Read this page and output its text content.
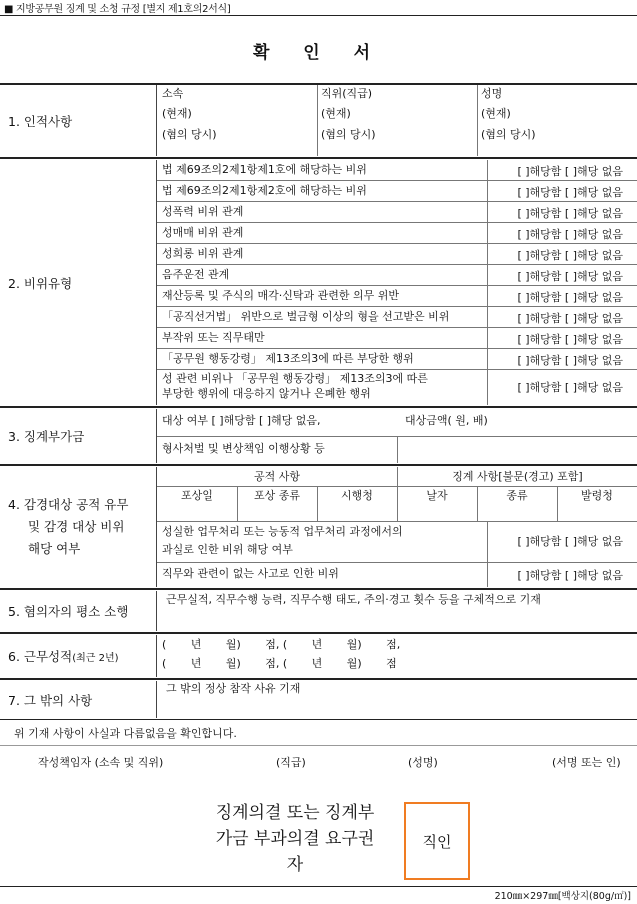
■ 지방공무원 징계 및 소청 규정 [별지 제1호의2서식]
확 인 서
1. 인적사항
소속
(현재)
(혐의 당시)
직위(직급)
(현재)
(혐의 당시)
성명
(현재)
(혐의 당시)
2. 비위유형
법 제69조의2제1항제1호에 해당하는 비위	[ ]해당함 [ ]해당 없음
법 제69조의2제1항제2호에 해당하는 비위	[ ]해당함 [ ]해당 없음
성폭력 비위 관계	[ ]해당함 [ ]해당 없음
성매매 비위 관계	[ ]해당함 [ ]해당 없음
성희롱 비위 관계	[ ]해당함 [ ]해당 없음
음주운전 관계	[ ]해당함 [ ]해당 없음
재산등록 및 주식의 매각·신탁과 관련한 의무 위반	[ ]해당함 [ ]해당 없음
「공직선거법」 위반으로 벌금형 이상의 형을 선고받은 비위	[ ]해당함 [ ]해당 없음
부작위 또는 직무태만	[ ]해당함 [ ]해당 없음
「공무원 행동강령」 제13조의3에 따른 부당한 행위	[ ]해당함 [ ]해당 없음
성 관련 비위나 「공무원 행동강령」 제13조의3에 따른
부당한 행위에 대응하지 않거나 은폐한 행위	[ ]해당함 [ ]해당 없음
3. 징계부가금
대상 여부 [ ]해당함 [ ]해당 없음,	대상금액( 원, 배)
형사처벌 및 변상책임 이행상황 등
4. 감경대상 공적 유무
및 감경 대상 비위
해당 여부
공적 사항	징계 사항[불문(경고) 포함]
포상일	포상 종류	시행청	날자	종류	발령청
성실한 업무처리 또는 능동적 업무처리 과정에서의
과실로 인한 비위 해당 여부
[ ]해당함 [ ]해당 없음
직무와 관련이 없는 사고로 인한 비위	[ ]해당함 [ ]해당 없음
5. 혐의자의 평소 소행
근무실적, 직무수행 능력, 직무수행 태도, 주의·경고 횟수 등을 구체적으로 기재
6. 근무성적 (최근 2년)
(       년       월)       점, (       년       월)       점,
(       년       월)       점, (       년       월)       점
7. 그 밖의 사항
그 밖의 정상 참작 사유 기재
위 기재 사항이 사실과 다름없음을 확인합니다.
작성책임자 (소속 및 직위)	(직급)	(성명)	(서명 또는 인)
징계의결 또는 징계부
가금 부과의결 요구권
자
직인
210㎜×297㎜[백상지(80g/㎡)]
